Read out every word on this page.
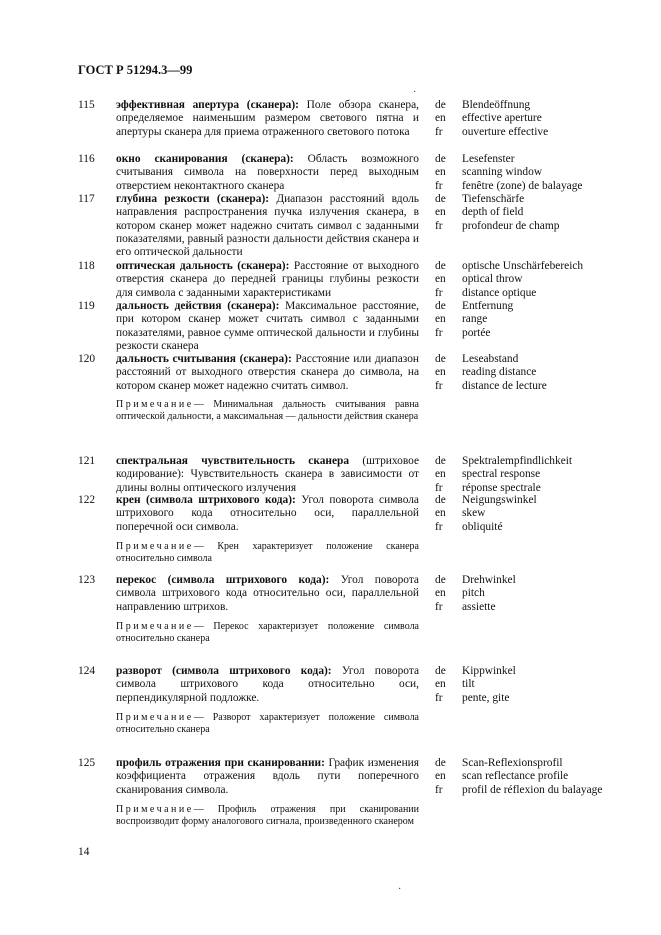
ГОСТ Р 51294.3—99
115 эффективная апертура (сканера): Поле обзора сканера, определяемое наименьшим размером светового пятна и апертуры сканера для приема отраженного светового потока
de	Blendeöffnung
en	effective aperture
fr	ouverture effective
116 окно сканирования (сканера): Область возможного считывания символа на поверхности перед выходным отверстием неконтактного сканера
de	Lesefenster
en	scanning window
fr	fenêtre (zone) de balayage
117 глубина резкости (сканера): Диапазон расстояний вдоль направления распространения пучка излучения сканера, в котором сканер может надежно считать символ с заданными показателями, равный разности дальности действия сканера и его оптической дальности
de	Tiefenschärfe
en	depth of field
fr	profondeur de champ
118 оптическая дальность (сканера): Расстояние от выходного отверстия сканера до передней границы глубины резкости для символа с заданными характеристиками
de	optische Unschärfebereich
en	optical throw
fr	distance optique
119 дальность действия (сканера): Максимальное расстояние, при котором сканер может считать символ с заданными показателями, равное сумме оптической дальности и глубины резкости сканера
de	Entfernung
en	range
fr	portée
120 дальность считывания (сканера): Расстояние или диапазон расстояний от выходного отверстия сканера до символа, на котором сканер может надежно считать символ.
Примечание— Минимальная дальность считывания равна оптической дальности, а максимальная — дальности действия сканера
de	Leseabstand
en	reading distance
fr	distance de lecture
121 спектральная чувствительность сканера (штриховое кодирование): Чувствительность сканера в зависимости от длины волны оптического излучения
de	Spektralempfindlichkeit
en	spectral response
fr	réponse spectrale
122 крен (символа штрихового кода): Угол поворота символа штрихового кода относительно оси, параллельной поперечной оси символа.
Примечание— Крен характеризует положение сканера относительно символа
de	Neigungswinkel
en	skew
fr	obliquité
123 перекос (символа штрихового кода): Угол поворота символа штрихового кода относительно оси, параллельной направлению штрихов.
Примечание— Перекос характеризует положение символа относительно сканера
de	Drehwinkel
en	pitch
fr	assiette
124 разворот (символа штрихового кода): Угол поворота символа штрихового кода относительно оси, перпендикулярной подложке.
Примечание— Разворот характеризует положение символа относительно сканера
de	Kippwinkel
en	tilt
fr	pente, gite
125 профиль отражения при сканировании: График изменения коэффициента отражения вдоль пути поперечного сканирования символа.
Примечание— Профиль отражения при сканировании воспроизводит форму аналогового сигнала, произведенного сканером
de	Scan-Reflexionsprofil
en	scan reflectance profile
fr	profil de réflexion du balayage
14
·
·
